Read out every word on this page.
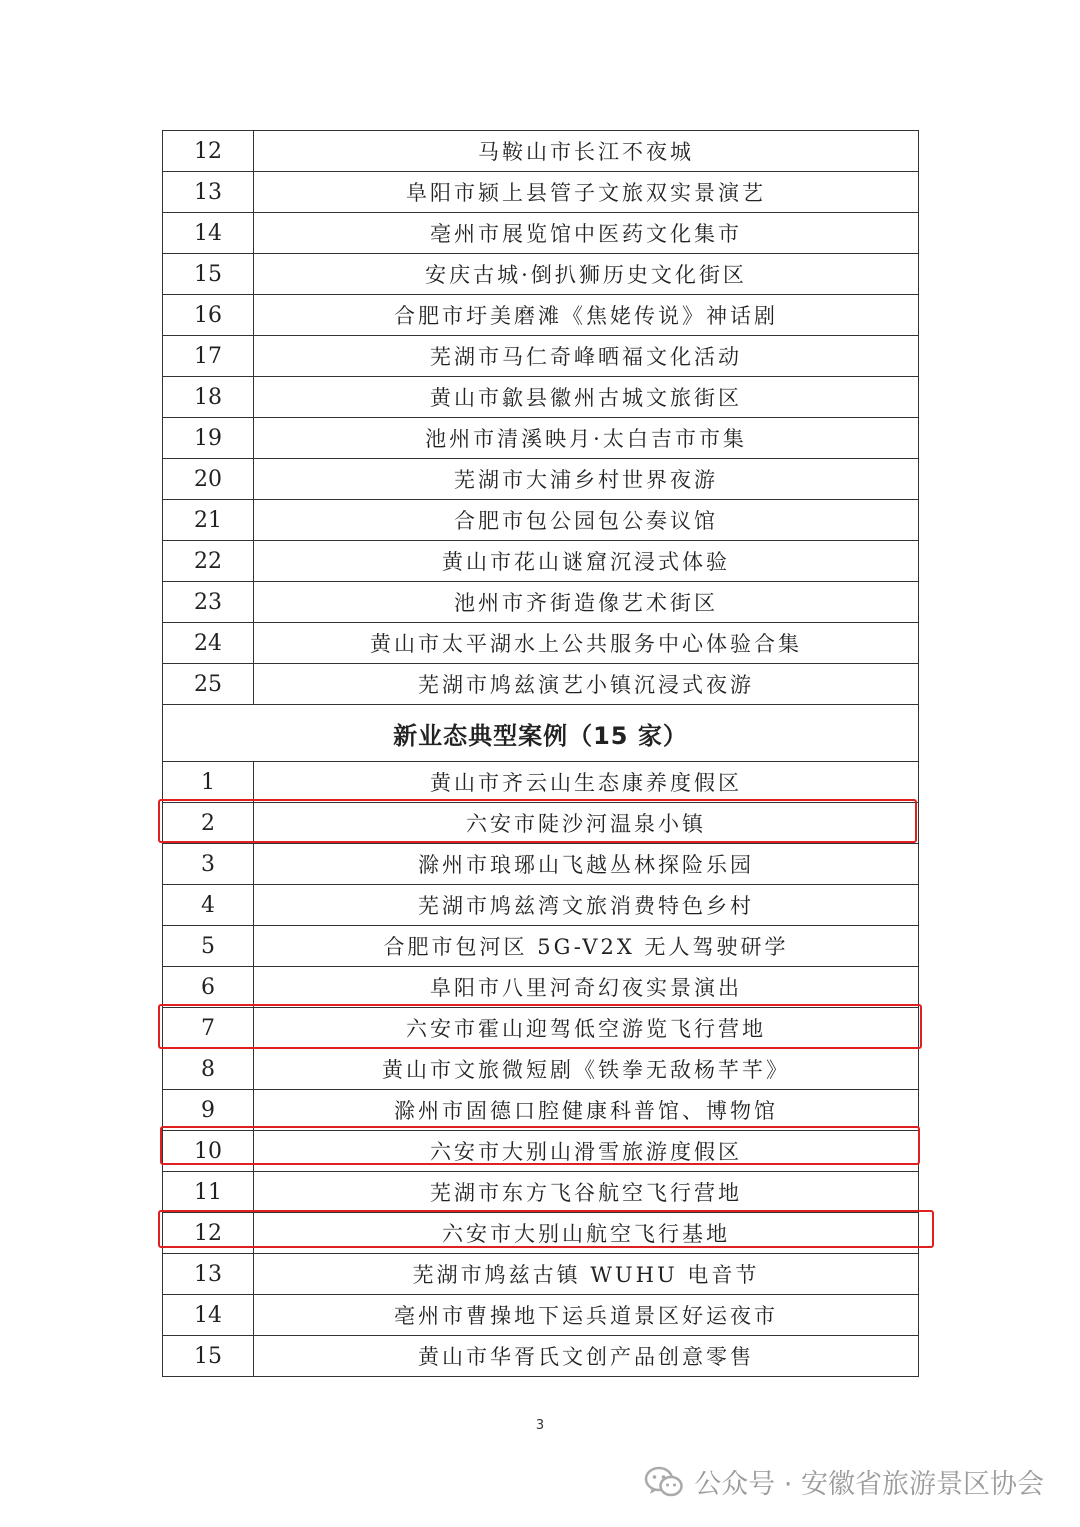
12	马鞍山市长江不夜城
13	阜阳市颍上县管子文旅双实景演艺
14	亳州市展览馆中医药文化集市
15	安庆古城·倒扒狮历史文化街区
16	合肥市圩美磨滩《焦姥传说》神话剧
17	芜湖市马仁奇峰晒福文化活动
18	黄山市歙县徽州古城文旅街区
19	池州市清溪映月·太白吉市市集
20	芜湖市大浦乡村世界夜游
21	合肥市包公园包公奏议馆
22	黄山市花山谜窟沉浸式体验
23	池州市齐街造像艺术街区
24	黄山市太平湖水上公共服务中心体验合集
25	芜湖市鸠兹演艺小镇沉浸式夜游
新业态典型案例（15 家）	
1	黄山市齐云山生态康养度假区
2	六安市陡沙河温泉小镇
3	滁州市琅琊山飞越丛林探险乐园
4	芜湖市鸠兹湾文旅消费特色乡村
5	合肥市包河区 5G-V2X 无人驾驶研学
6	阜阳市八里河奇幻夜实景演出
7	六安市霍山迎驾低空游览飞行营地
8	黄山市文旅微短剧《铁拳无敌杨芊芊》
9	滁州市固德口腔健康科普馆、博物馆
10	六安市大别山滑雪旅游度假区
11	芜湖市东方飞谷航空飞行营地
12	六安市大别山航空飞行基地
13	芜湖市鸠兹古镇 WUHU 电音节
14	亳州市曹操地下运兵道景区好运夜市
15	黄山市华胥氏文创产品创意零售
3
公众号 · 安徽省旅游景区协会
